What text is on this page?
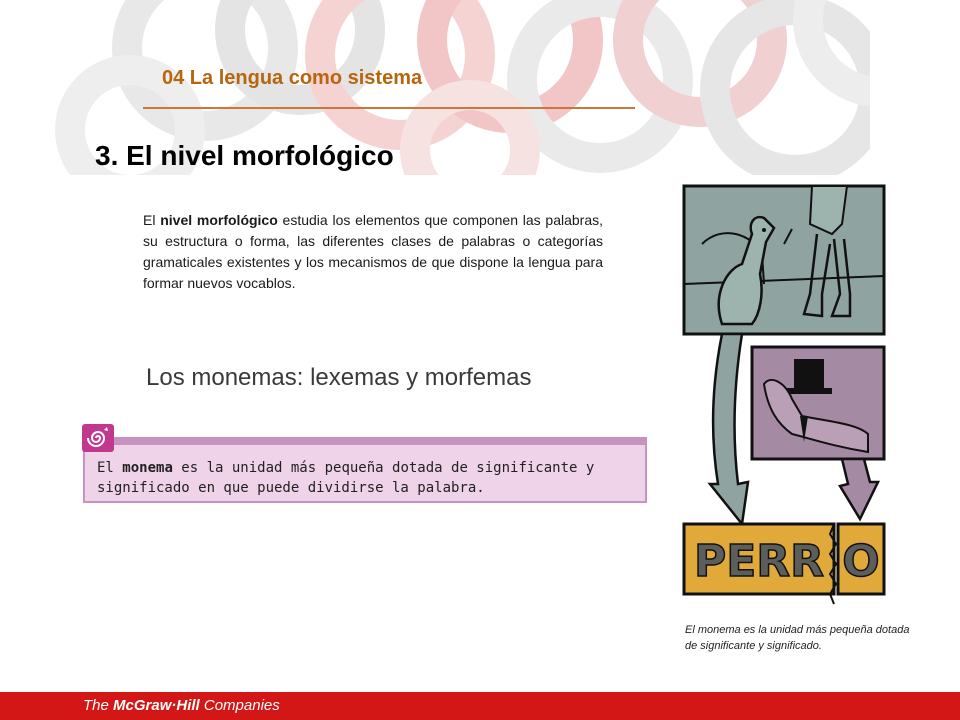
04 La lengua como sistema
3. El nivel morfológico
El nivel morfológico estudia los elementos que componen las palabras, su estructura o forma, las diferentes clases de palabras o categorías gramaticales existentes y los mecanismos de que dispone la lengua para formar nuevos vocablos.
Los monemas: lexemas y morfemas
El monema es la unidad más pequeña dotada de significante y significado en que puede dividirse la palabra.
PERR O
El monema es la unidad más pequeña dotada de significante y significado.
The McGraw·Hill Companies
